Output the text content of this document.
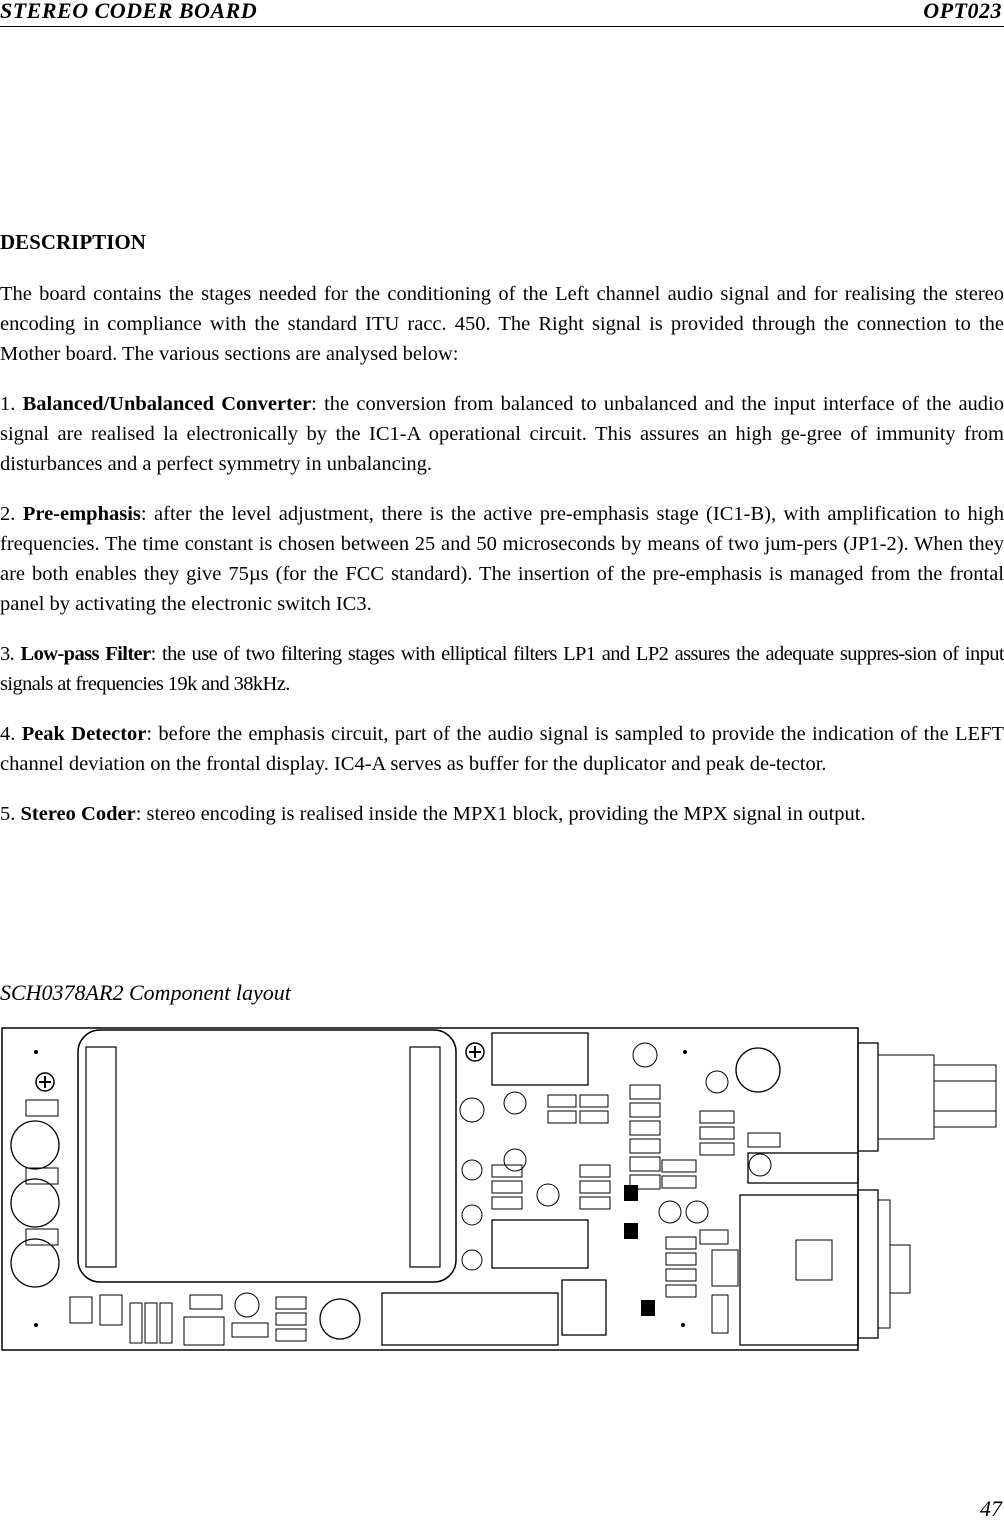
STEREO CODER BOARD	OPT023
DESCRIPTION
The board contains the stages needed for the conditioning of the Left channel audio signal and for realising the stereo encoding in compliance with the standard ITU racc. 450. The Right signal is provided through the connection to the Mother board. The various sections are analysed below:
1. Balanced/Unbalanced Converter: the conversion from balanced to unbalanced and the input interface of the audio signal are realised la electronically by the IC1-A operational circuit. This assures an high ge-gree of immunity from disturbances and a perfect symmetry in unbalancing.
2. Pre-emphasis: after the level adjustment, there is the active pre-emphasis stage (IC1-B), with amplification to high frequencies. The time constant is chosen between 25 and 50 microseconds by means of two jum-pers (JP1-2). When they are both enables they give 75µs (for the FCC standard). The insertion of the pre-emphasis is managed from the frontal panel by activating the electronic switch IC3.
3. Low-pass Filter: the use of two filtering stages with elliptical filters LP1 and LP2 assures the adequate suppres-sion of input signals at frequencies 19k and 38kHz.
4. Peak Detector: before the emphasis circuit, part of the audio signal is sampled to provide the indication of the LEFT channel deviation on the frontal display. IC4-A serves as buffer for the duplicator and peak de-tector.
5. Stereo Coder: stereo encoding is realised inside the MPX1 block, providing the MPX signal in output.
SCH0378AR2 Component layout
47
